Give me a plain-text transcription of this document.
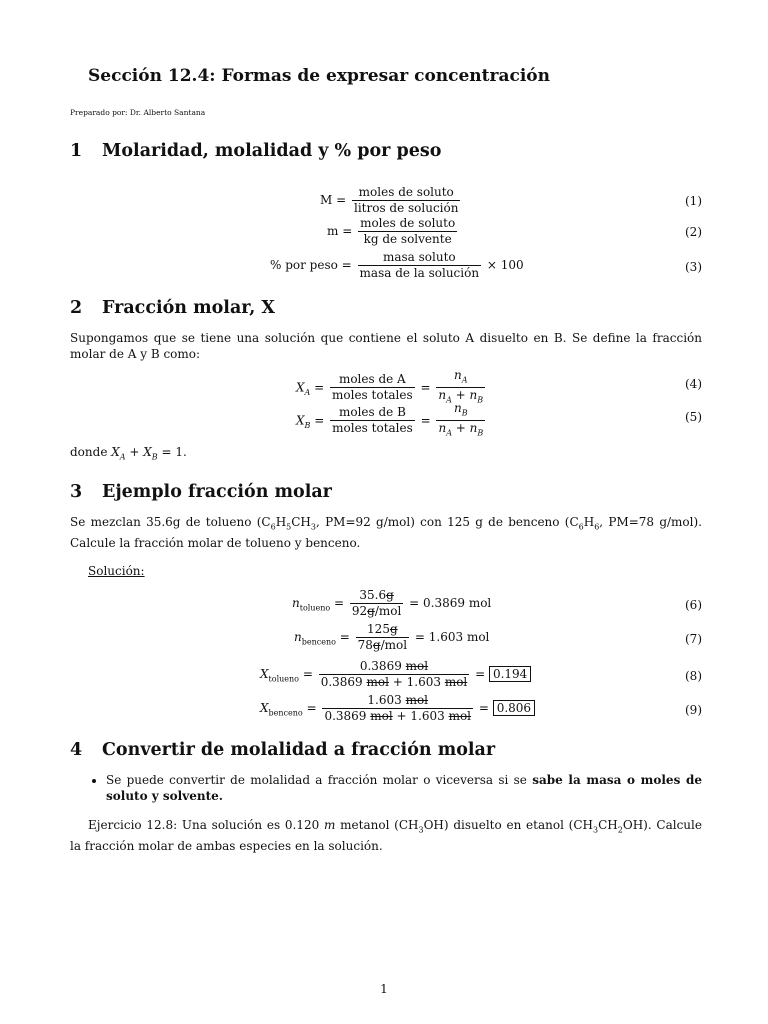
Sección 12.4: Formas de expresar concentración
Preparado por: Dr. Alberto Santana
1 Molaridad, molalidad y % por peso
$M = \frac{\text{moles de soluto}}{\text{litros de solución}}$	(1)
$m = \frac{\text{moles de soluto}}{\text{kg de solvente}}$	(2)
% por peso = $\frac{\text{masa soluto}}{\text{masa de la solución}} \times 100$	(3)
2 Fracción molar, X
Supongamos que se tiene una solución que contiene el soluto A disuelto en B. Se define la fracción molar de A y B como:
$X_A = \frac{\text{moles de A}}{\text{moles totales}} = \frac{n_A}{n_A + n_B}$	(4)
$X_B = \frac{\text{moles de B}}{\text{moles totales}} = \frac{n_B}{n_A + n_B}$	(5)
donde $X_A + X_B = 1$.
3 Ejemplo fracción molar
Se mezclan 35.6g de tolueno ($C_6H_5CH_3$, PM=92 g/mol) con 125 g de benceno ($C_6H_6$, PM=78 g/mol). Calcule la fracción molar de tolueno y benceno.
Solución:
$n_{tolueno} = \frac{35.6g}{\text{92g/mol}} = 0.3869$ mol	(6)
$n_{benceno} = \frac{125g}{\text{78g/mol}} = 1.603$ mol	(7)
$X_{tolueno} = \frac{\text{0.3869 mol}}{\text{0.3869 mol + 1.603 mol}} = 0.194$	(8)
$X_{benceno} = \frac{\text{1.603 mol}}{\text{0.3869 mol + 1.603 mol}} = 0.806$	(9)
4 Convertir de molalidad a fracción molar
• Se puede convertir de molalidad a fracción molar o viceversa si se sabe la masa o moles de soluto y solvente.
Ejercicio 12.8: Una solución es 0.120 m metanol $(CH_3OH)$ disuelto en etanol $(CH_3CH_2OH)$. Calcule la fracción molar de ambas especies en la solución.
1
